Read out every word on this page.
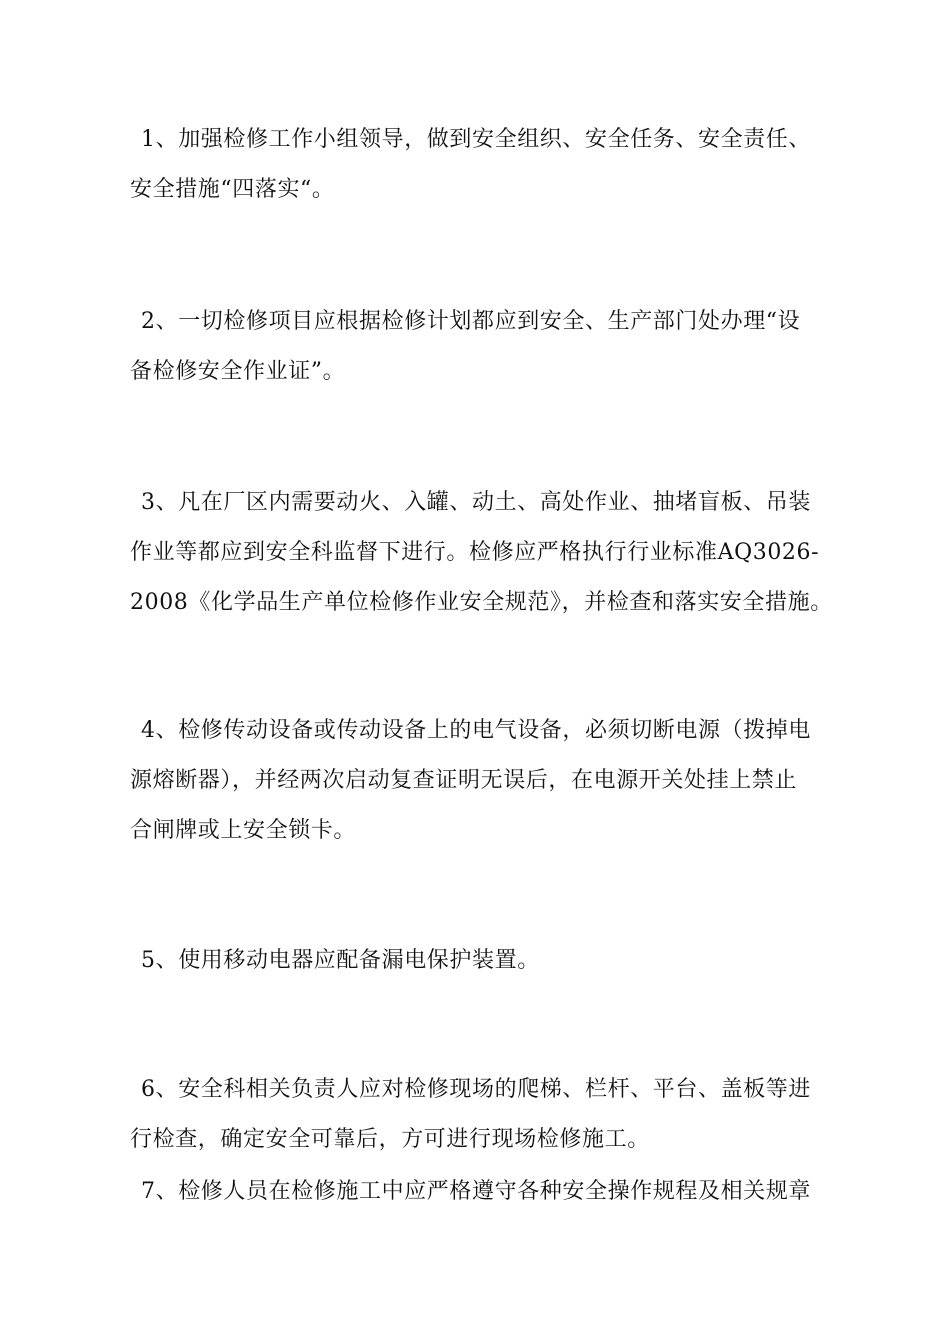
1、加强检修工作小组领导，做到安全组织、安全任务、安全责任、
安全措施“四落实“。
2、一切检修项目应根据检修计划都应到安全、生产部门处办理“设
备检修安全作业证”。
3、凡在厂区内需要动火、入罐、动土、高处作业、抽堵盲板、吊装
作业等都应到安全科监督下进行。检修应严格执行行业标准AQ3026-
2008《化学品生产单位检修作业安全规范》，并检查和落实安全措施。
4、检修传动设备或传动设备上的电气设备，必须切断电源（拨掉电
源熔断器），并经两次启动复查证明无误后，在电源开关处挂上禁止
合闸牌或上安全锁卡。
5、使用移动电器应配备漏电保护装置。
6、安全科相关负责人应对检修现场的爬梯、栏杆、平台、盖板等进
行检查，确定安全可靠后，方可进行现场检修施工。
7、检修人员在检修施工中应严格遵守各种安全操作规程及相关规章
